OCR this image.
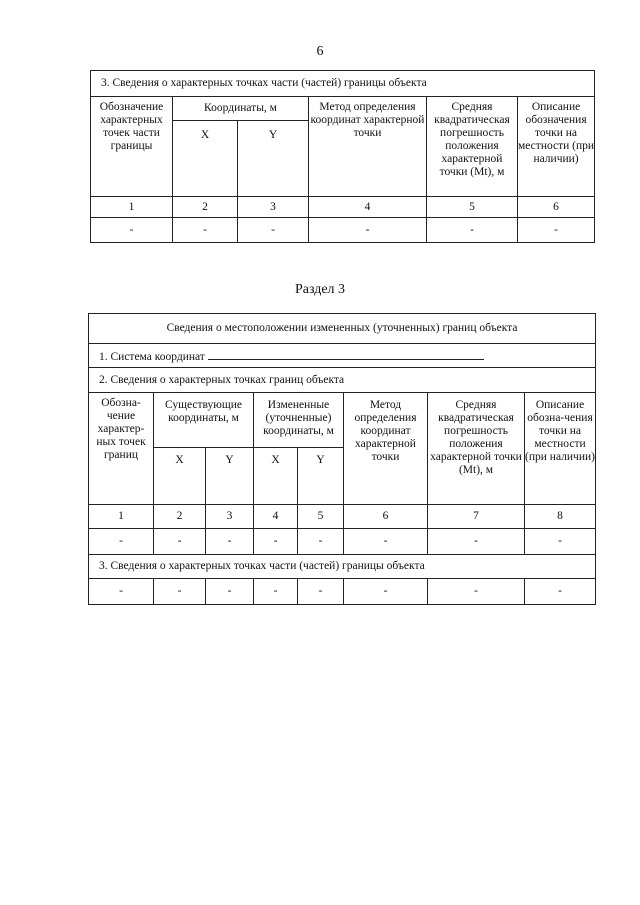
6
3. Сведения о характерных точках части (частей) границы объекта					
Обозначение характерных точек части границы	Координаты, м		Метод определения координат характерной точки	Средняя квадратическая погрешность положения характерной точки (Mt), м	Описание обозначения точки на местности (при наличии)
	X	Y			
1	2	3	4	5	6
-	-	-	-	-	-
Раздел 3
Сведения о местоположении измененных (уточненных) границ объекта							
1. Система координат							
2. Сведения о характерных точках границ объекта							
Обозна-чение характер-ных точек границ	Существующие координаты, м		Измененные (уточненные) координаты, м		Метод определения координат характерной точки	Средняя квадратическая погрешность положения характерной точки (Mt), м	Описание обозна-чения точки на местности (при наличии)
	X	Y	X	Y			
1	2	3	4	5	6	7	8
-	-	-	-	-	-	-	-
3. Сведения о характерных точках части (частей) границы объекта							
-	-	-	-	-	-	-	-
